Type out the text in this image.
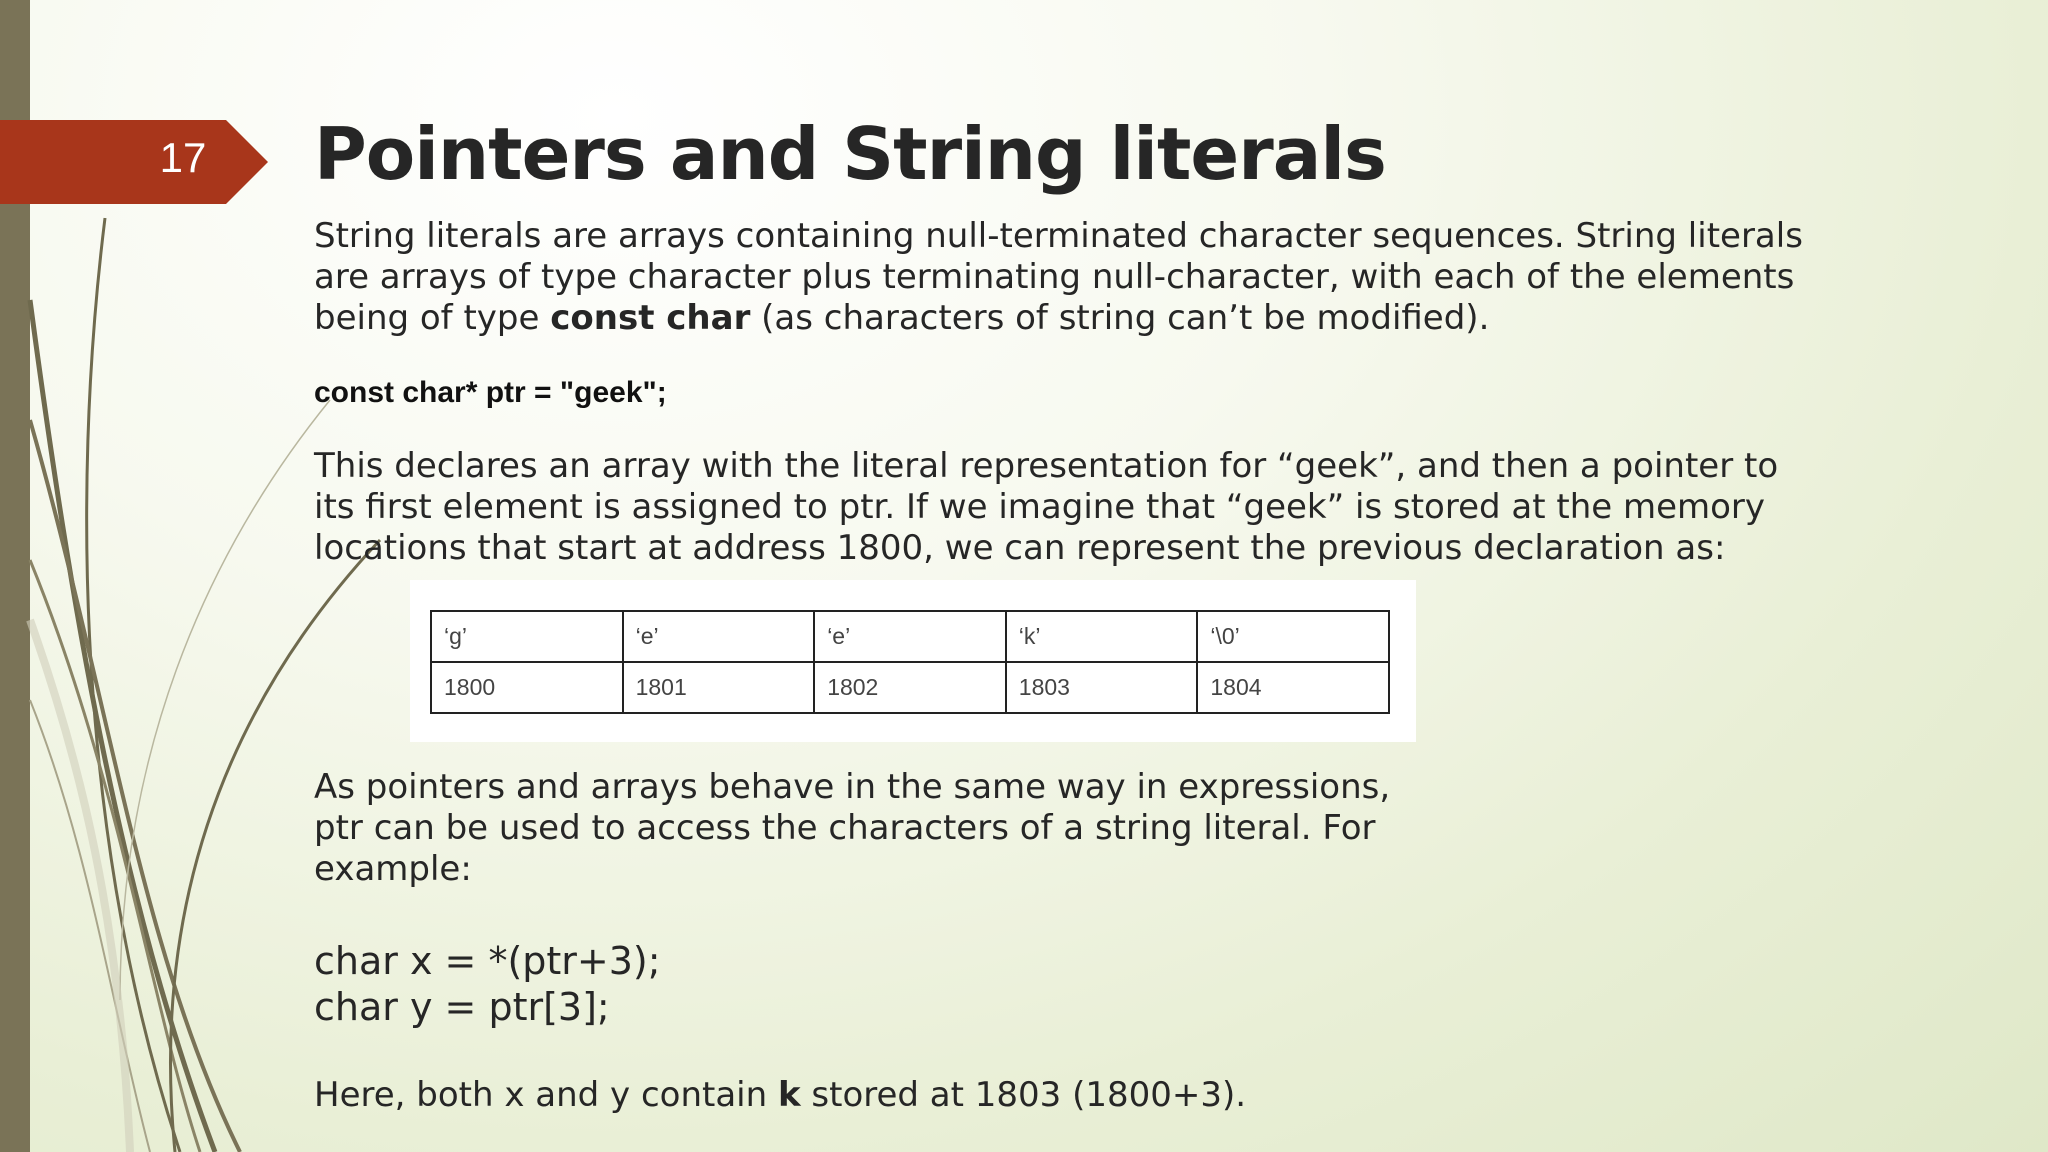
17 Pointers and String literals

String literals are arrays containing null-terminated character sequences. String literals are arrays of type character plus terminating null-character, with each of the elements being of type const char (as characters of string can’t be modified).

const char* ptr = "geek";

This declares an array with the literal representation for “geek”, and then a pointer to its first element is assigned to ptr. If we imagine that “geek” is stored at the memory locations that start at address 1800, we can represent the previous declaration as:

‘g’	‘e’	‘e’	‘k’	‘\0’
1800	1801	1802	1803	1804

As pointers and arrays behave in the same way in expressions, ptr can be used to access the characters of a string literal. For example:

char x = *(ptr+3);
char y = ptr[3];

Here, both x and y contain k stored at 1803 (1800+3).
